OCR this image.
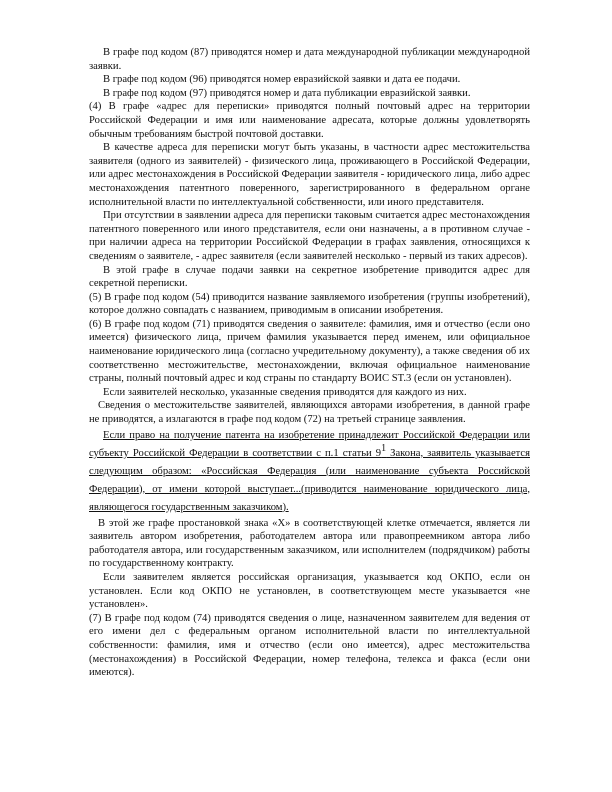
В графе под кодом (87) приводятся номер и дата международной публикации международной заявки.

В графе под кодом (96) приводятся номер евразийской заявки и дата ее подачи.

В графе под кодом (97) приводятся номер и дата публикации евразийской заявки.

(4) В графе «адрес для переписки» приводятся полный почтовый адрес на территории Российской Федерации и имя или наименование адресата, которые должны удовлетворять обычным требованиям быстрой почтовой доставки.

В качестве адреса для переписки могут быть указаны, в частности адрес местожительства заявителя (одного из заявителей) - физического лица, проживающего в Российской Федерации, или адрес местонахождения в Российской Федерации заявителя - юридического лица, либо адрес местонахождения патентного поверенного, зарегистрированного в федеральном органе исполнительной власти по интеллектуальной собственности, или иного представителя.

При отсутствии в заявлении адреса для переписки таковым считается адрес местонахождения патентного поверенного или иного представителя, если они назначены, а в противном случае - при наличии адреса на территории Российской Федерации в графах заявления, относящихся к сведениям о заявителе, - адрес заявителя (если заявителей несколько - первый из таких адресов).

В этой графе в случае подачи заявки на секретное изобретение приводится адрес для секретной переписки.

(5) В графе под кодом (54) приводится название заявляемого изобретения (группы изобретений), которое должно совпадать с названием, приводимым в описании изобретения.

(6) В графе под кодом (71) приводятся сведения о заявителе: фамилия, имя и отчество (если оно имеется) физического лица, причем фамилия указывается перед именем, или официальное наименование юридического лица (согласно учредительному документу), а также сведения об их соответственно местожительстве, местонахождении, включая официальное наименование страны, полный почтовый адрес и код страны по стандарту ВОИС ST.3 (если он установлен).

Если заявителей несколько, указанные сведения приводятся для каждого из них.

Сведения о местожительстве заявителей, являющихся авторами изобретения, в данной графе не приводятся, а излагаются в графе под кодом (72) на третьей странице заявления.

Если право на получение патента на изобретение принадлежит Российской Федерации или субъекту Российской Федерации в соответствии с п.1 статьи 91 Закона, заявитель указывается следующим образом: «Российская Федерация (или наименование субъекта Российской Федерации), от имени которой выступает...(приводится наименование юридического лица, являющегося государственным заказчиком).

В этой же графе простановкой знака «X» в соответствующей клетке отмечается, является ли заявитель автором изобретения, работодателем автора или правопреемником автора либо работодателя автора, или государственным заказчиком, или исполнителем (подрядчиком) работы по государственному контракту.

Если заявителем является российская организация, указывается код ОКПО, если он установлен. Если код ОКПО не установлен, в соответствующем месте указывается «не установлен».

(7) В графе под кодом (74) приводятся сведения о лице, назначенном заявителем для ведения от его имени дел с федеральным органом исполнительной власти по интеллектуальной собственности: фамилия, имя и отчество (если оно имеется), адрес местожительства (местонахождения) в Российской Федерации, номер телефона, телекса и факса (если они имеются).
